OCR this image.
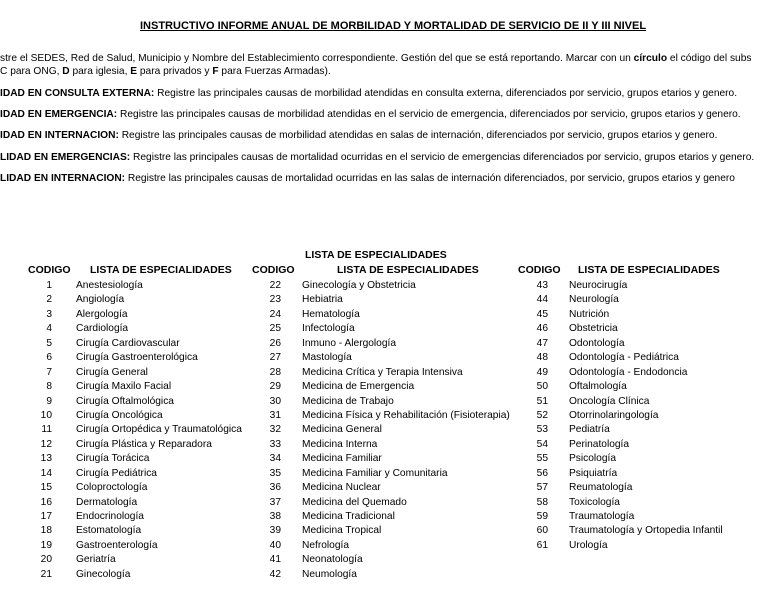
INSTRUCTIVO INFORME ANUAL DE MORBILIDAD Y MORTALIDAD DE SERVICIO DE II Y III NIVEL
stre el SEDES, Red de Salud, Municipio y Nombre del Establecimiento correspondiente. Gestión del que se está reportando. Marcar con un círculo el código del subs
C para ONG, D para iglesia, E para privados y F para Fuerzas Armadas).
IDAD EN CONSULTA EXTERNA: Registre las principales causas de morbilidad atendidas en consulta externa, diferenciados por servicio, grupos etarios y genero.
IDAD EN EMERGENCIA: Registre las principales causas de morbilidad atendidas en el servicio de emergencia, diferenciados por servicio, grupos etarios y genero.
IDAD EN INTERNACION: Registre las principales causas de morbilidad atendidas en salas de internación, diferenciados por servicio, grupos etarios y genero.
LIDAD EN EMERGENCIAS: Registre las principales causas de mortalidad ocurridas en el servicio de emergencias diferenciados por servicio, grupos etarios y genero.
LIDAD EN INTERNACION: Registre las principales causas de mortalidad ocurridas en las salas de internación diferenciados, por servicio, grupos etarios y genero
LISTA DE ESPECIALIDADES
CODIGO LISTA DE ESPECIALIDADES CODIGO	LISTA DE ESPECIALIDADES	CODIGO LISTA DE ESPECIALIDADES
1 Anestesiología
2 Angiología
3 Alergología
4 Cardiología
5 Cirugía Cardiovascular
6 Cirugía Gastroenterológica
7 Cirugía General
8 Cirugía Maxilo Facial
9 Cirugía Oftalmológica
10 Cirugía Oncológica
11 Cirugía Ortopédica y Traumatológica
12 Cirugía Plástica y Reparadora
13 Cirugía Torácica
14 Cirugía Pediátrica
15 Coloproctología
16 Dermatología
17 Endocrinología
18 Estomatología
19 Gastroenterología
20 Geriatría
21 Ginecología
22 Ginecología y Obstetricia
23 Hebiatria
24 Hematología
25 Infectología
26 Inmuno - Alergología
27 Mastología
28 Medicina Crítica y Terapia Intensiva
29 Medicina de Emergencia
30 Medicina de Trabajo
31 Medicina Física y Rehabilitación (Fisioterapia)
32 Medicina General
33 Medicina Interna
34 Medicina Familiar
35 Medicina Familiar y Comunitaria
36 Medicina Nuclear
37 Medicina del Quemado
38 Medicina Tradicional
39 Medicina Tropical
40 Nefrología
41 Neonatología
42 Neumología
43 Neurocirugía
44 Neurología
45 Nutrición
46 Obstetricia
47 Odontología
48 Odontología - Pediátrica
49 Odontología - Endodoncia
50 Oftalmología
51 Oncología Clínica
52 Otorrinolaringología
53 Pediatría
54 Perinatología
55 Psicología
56 Psiquiatría
57 Reumatología
58 Toxicología
59 Traumatología
60 Traumatología y Ortopedia Infantil
61 Urología
